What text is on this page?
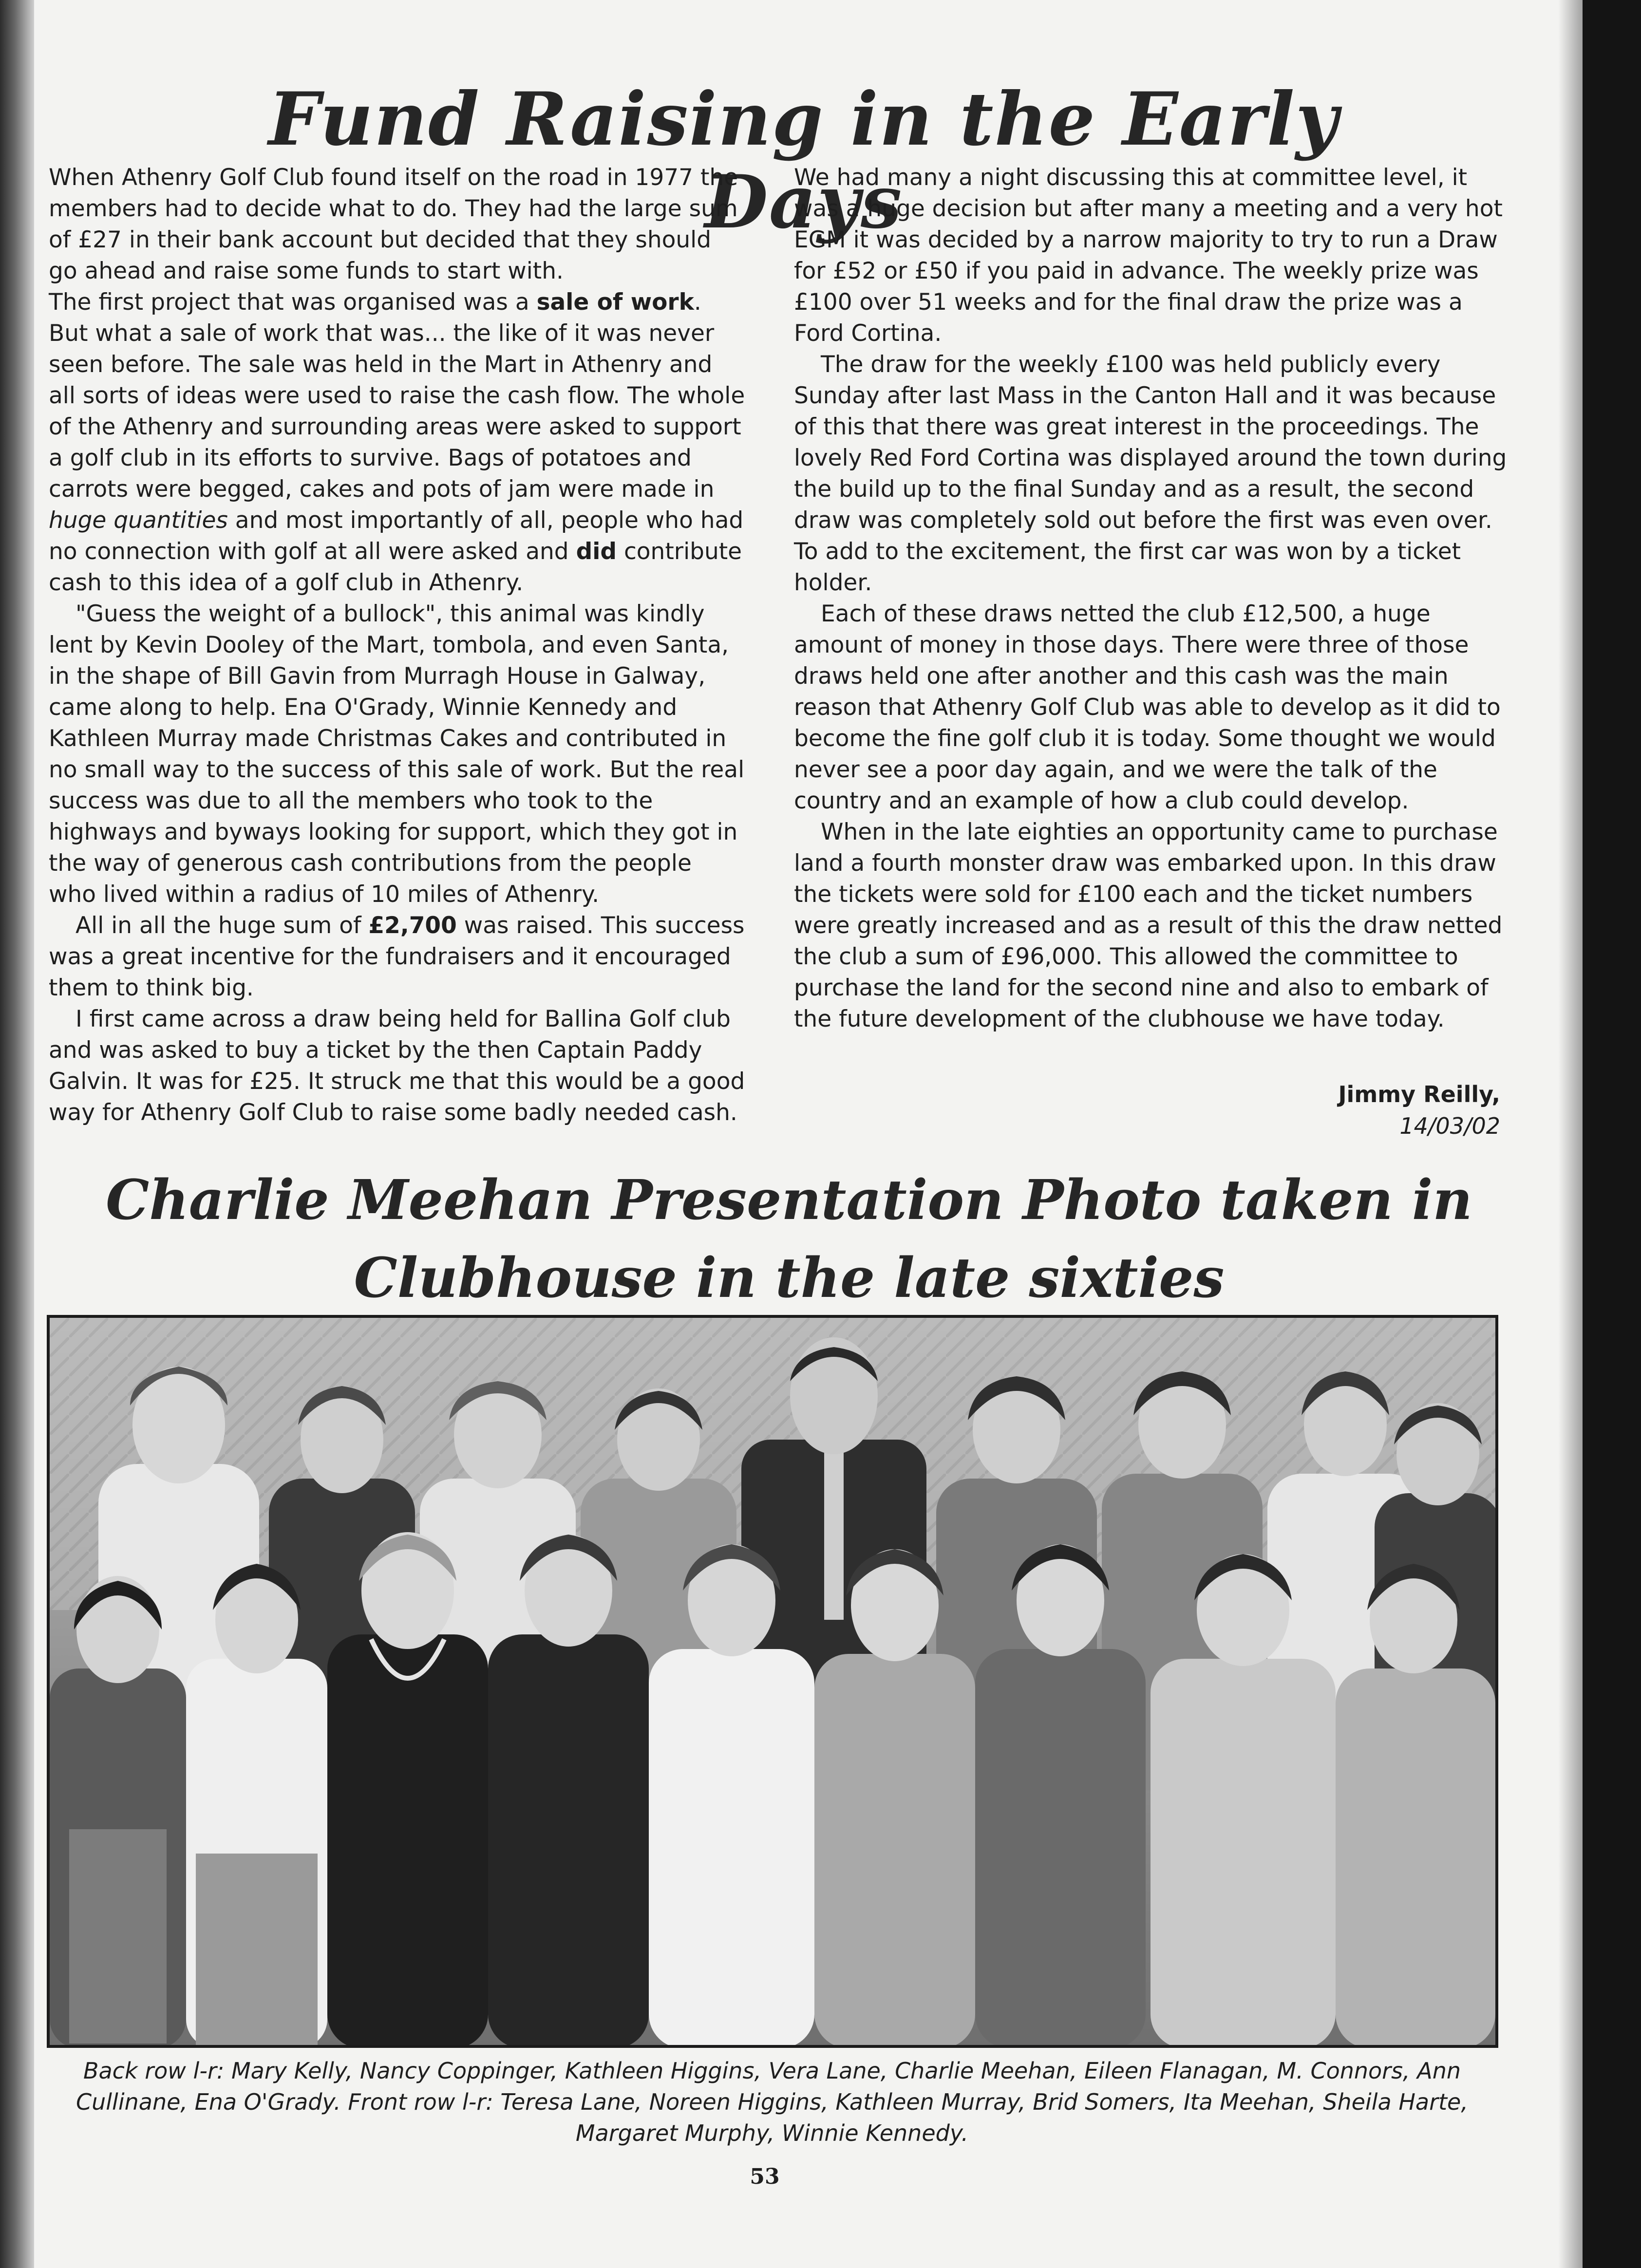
Fund Raising in the Early Days

When Athenry Golf Club found itself on the road in 1977 the members had to decide what to do. They had the large sum of £27 in their bank account but decided that they should go ahead and raise some funds to start with.

The first project that was organised was a sale of work. But what a sale of work that was... the like of it was never seen before. The sale was held in the Mart in Athenry and all sorts of ideas were used to raise the cash flow. The whole of the Athenry and surrounding areas were asked to support a golf club in its efforts to survive. Bags of potatoes and carrots were begged, cakes and pots of jam were made in huge quantities and most importantly of all, people who had no connection with golf at all were asked and did contribute cash to this idea of a golf club in Athenry.

"Guess the weight of a bullock", this animal was kindly lent by Kevin Dooley of the Mart, tombola, and even Santa, in the shape of Bill Gavin from Murragh House in Galway, came along to help. Ena O'Grady, Winnie Kennedy and Kathleen Murray made Christmas Cakes and contributed in no small way to the success of this sale of work. But the real success was due to all the members who took to the highways and byways looking for support, which they got in the way of generous cash contributions from the people who lived within a radius of 10 miles of Athenry.

All in all the huge sum of £2,700 was raised. This success was a great incentive for the fundraisers and it encouraged them to think big.

I first came across a draw being held for Ballina Golf club and was asked to buy a ticket by the then Captain Paddy Galvin. It was for £25. It struck me that this would be a good way for Athenry Golf Club to raise some badly needed cash.

We had many a night discussing this at committee level, it was a huge decision but after many a meeting and a very hot EGM it was decided by a narrow majority to try to run a Draw for £52 or £50 if you paid in advance. The weekly prize was £100 over 51 weeks and for the final draw the prize was a Ford Cortina.

The draw for the weekly £100 was held publicly every Sunday after last Mass in the Canton Hall and it was because of this that there was great interest in the proceedings. The lovely Red Ford Cortina was displayed around the town during the build up to the final Sunday and as a result, the second draw was completely sold out before the first was even over. To add to the excitement, the first car was won by a ticket holder.

Each of these draws netted the club £12,500, a huge amount of money in those days. There were three of those draws held one after another and this cash was the main reason that Athenry Golf Club was able to develop as it did to become the fine golf club it is today. Some thought we would never see a poor day again, and we were the talk of the country and an example of how a club could develop.

When in the late eighties an opportunity came to purchase land a fourth monster draw was embarked upon. In this draw the tickets were sold for £100 each and the ticket numbers were greatly increased and as a result of this the draw netted the club a sum of £96,000. This allowed the committee to purchase the land for the second nine and also to embark of the future development of the clubhouse we have today.

Jimmy Reilly,
14/03/02
Charlie Meehan Presentation Photo taken in
Clubhouse in the late sixties

Back row l-r: Mary Kelly, Nancy Coppinger, Kathleen Higgins, Vera Lane, Charlie Meehan, Eileen Flanagan, M. Connors, Ann Cullinane, Ena O'Grady. Front row l-r: Teresa Lane, Noreen Higgins, Kathleen Murray, Brid Somers, Ita Meehan, Sheila Harte, Margaret Murphy, Winnie Kennedy.

53
